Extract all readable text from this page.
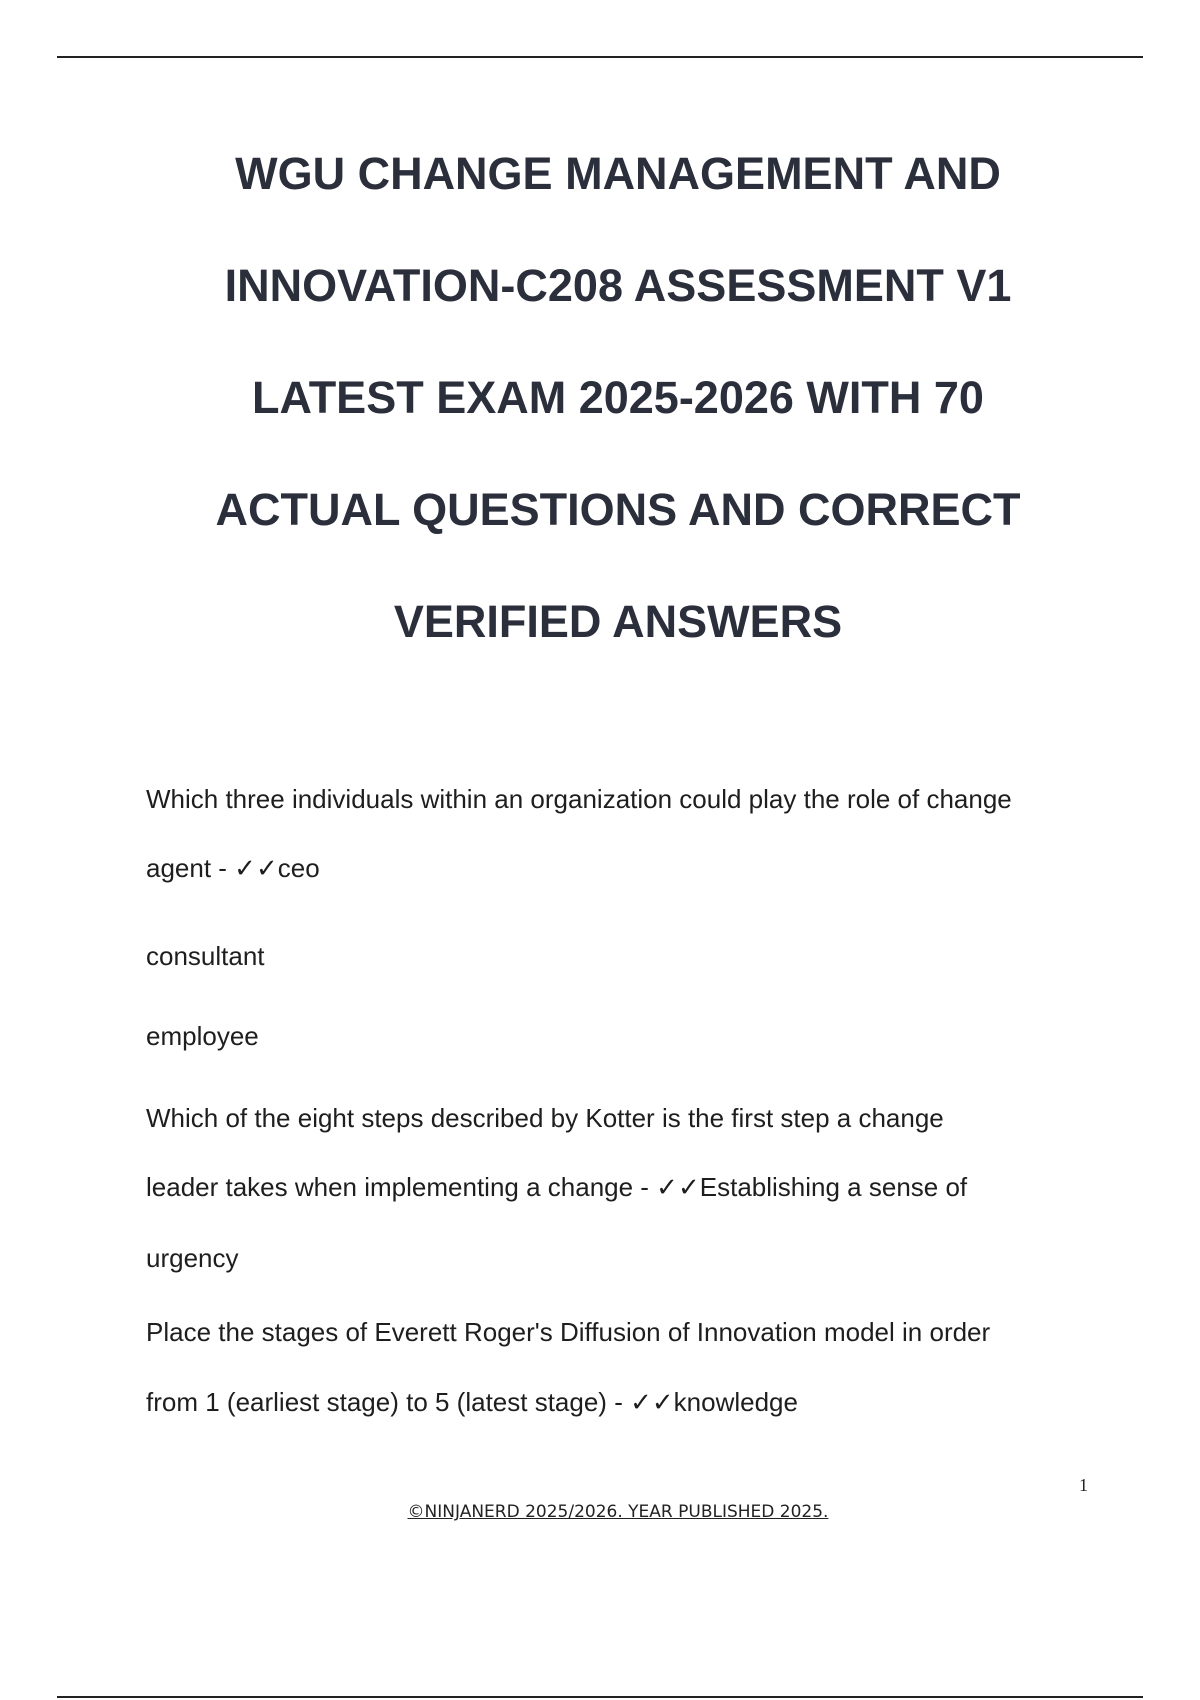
WGU CHANGE MANAGEMENT AND
INNOVATION-C208 ASSESSMENT V1
LATEST EXAM 2025-2026 WITH 70
ACTUAL QUESTIONS AND CORRECT
VERIFIED ANSWERS
Which three individuals within an organization could play the role of change
agent - ✓✓ceo
consultant
employee
Which of the eight steps described by Kotter is the first step a change
leader takes when implementing a change - ✓✓Establishing a sense of
urgency
Place the stages of Everett Roger's Diffusion of Innovation model in order
from 1 (earliest stage) to 5 (latest stage) - ✓✓knowledge
1
©NINJANERD 2025/2026. YEAR PUBLISHED 2025.
